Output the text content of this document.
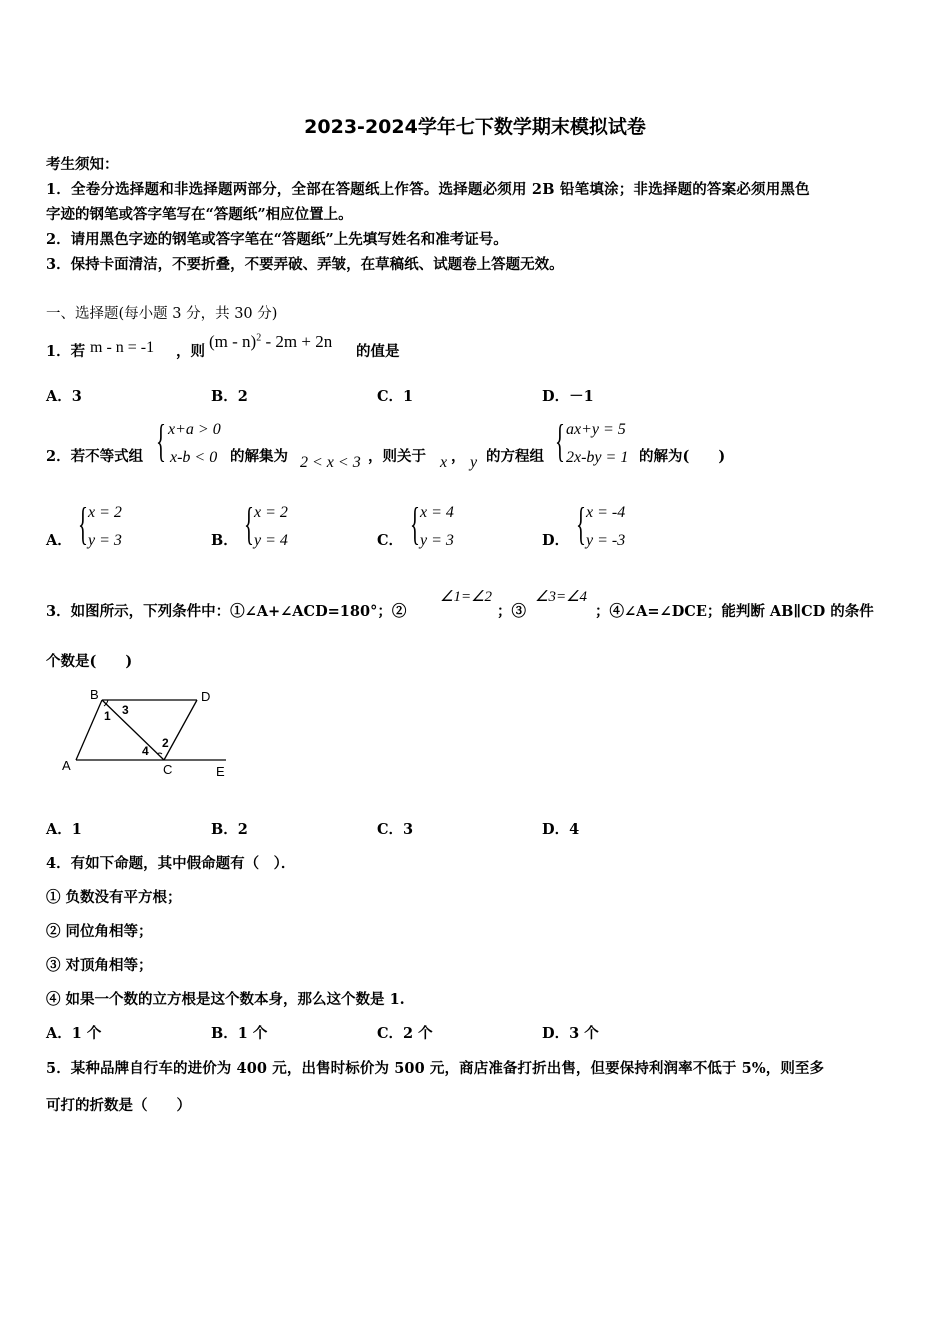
2023-2024学年七下数学期末模拟试卷
考生须知：
1．全卷分选择题和非选择题两部分，全部在答题纸上作答。选择题必须用 2B 铅笔填涂；非选择题的答案必须用黑色
字迹的钢笔或答字笔写在“答题纸”相应位置上。
2．请用黑色字迹的钢笔或答字笔在“答题纸”上先填写姓名和准考证号。
3．保持卡面清洁，不要折叠，不要弄破、弄皱，在草稿纸、试题卷上答题无效。
一、选择题(每小题 3 分，共 30 分)
1．若 m - n = -1 ，则
(m - n)$^2$ - 2m + 2n
的值是
A．3	B．2	C．1	D．－1
2．若不等式组 { x+a > 0
x-b < 0 的解集为 2 < x < 3 ，则关于 x ， y 的方程组 { ax+y = 5
2x-by = 1 的解为(　　)
A． { x = 2
y = 3	B． { x = 2
y = 4	C． { x = 4
y = 3	D． { x = -4
y = -3
3．如图所示，下列条件中：①∠A+∠ACD=180°；②
∠1=∠2
；③
∠3=∠4
；④∠A=∠DCE；能判断 AB∥CD 的条件
个数是(　　)
B	D
A	C	E
1
2
3
4
A．1	B．2	C．3	D．4
4．有如下命题，其中假命题有（　）．
① 负数没有平方根；
② 同位角相等；
③ 对顶角相等；
④ 如果一个数的立方根是这个数本身，那么这个数是 1.
A．1 个	B．1 个	C．2 个	D．3 个
5．某种品牌自行车的进价为 400 元，出售时标价为 500 元，商店准备打折出售，但要保持利润率不低于 5%，则至多
可打的折数是（　　）
